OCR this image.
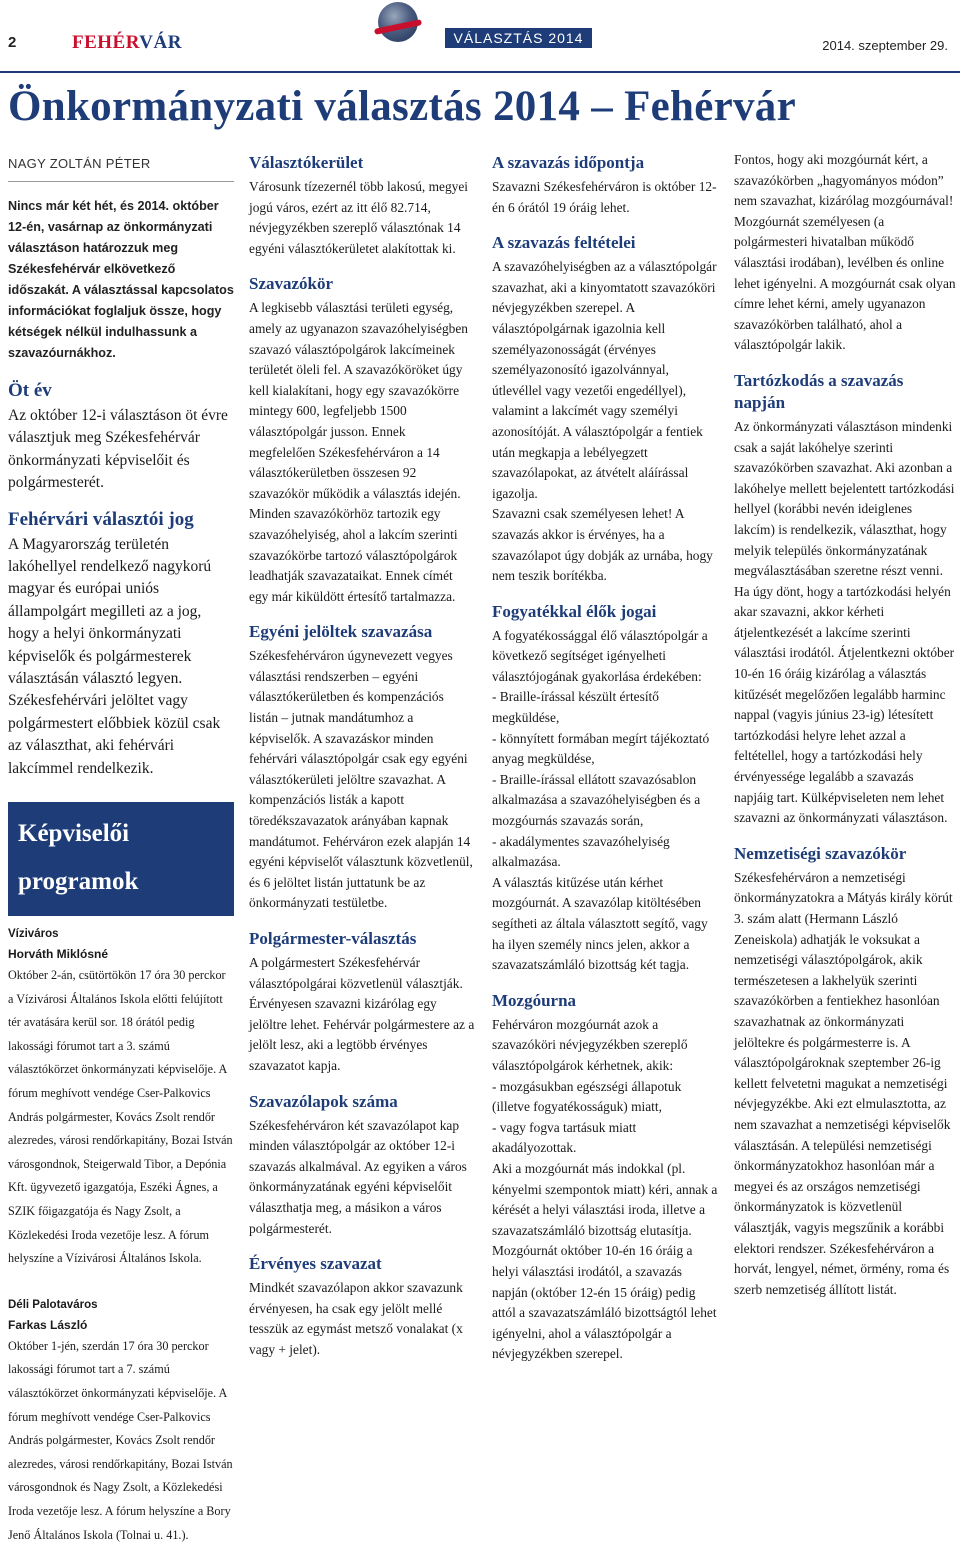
2	FEHÉRVÁR	VÁLASZTÁS 2014	2014. szeptember 29.
Önkormányzati választás 2014 – Fehérvár
NAGY ZOLTÁN PÉTER

Nincs már két hét, és 2014. október 12-én, vasárnap az önkormányzati választáson határozzuk meg Székesfehérvár elkövetkező időszakát. A választással kapcsolatos információkat foglaljuk össze, hogy kétségek nélkül indulhassunk a szavazóurnákhoz.

Öt év

Az október 12-i választáson öt évre választjuk meg Székesfehérvár önkormányzati képviselőit és polgármesterét.

Fehérvári választói jog

A Magyarország területén lakóhellyel rendelkező nagykorú magyar és európai uniós állampolgárt megilleti az a jog, hogy a helyi önkormányzati képviselők és polgármesterek választásán választó legyen. Székesfehérvári jelöltet vagy polgármestert előbbiek közül csak az választhat, aki fehérvári lakcímmel rendelkezik.

Képviselői programok
Víziváros
Horváth Miklósné

Október 2-án, csütörtökön 17 óra 30 perckor a Vízivárosi Általános Iskola előtti felújított tér avatására kerül sor. 18 órától pedig lakossági fórumot tart a 3. számú választókörzet önkormányzati képviselője. A fórum meghívott vendége Cser-Palkovics András polgármester, Kovács Zsolt rendőr alezredes, városi rendőrkapitány, Bozai István városgondnok, Steigerwald Tibor, a Depónia Kft. ügyvezető igazgatója, Eszéki Ágnes, a SZIK főigazgatója és Nagy Zsolt, a Közlekedési Iroda vezetője lesz. A fórum helyszíne a Vízivárosi Általános Iskola.

Déli Palotaváros
Farkas László

Október 1-jén, szerdán 17 óra 30 perckor lakossági fórumot tart a 7. számú választókörzet önkormányzati képviselője. A fórum meghívott vendége Cser-Palkovics András polgármester, Kovács Zsolt rendőr alezredes, városi rendőrkapitány, Bozai István városgondnok és Nagy Zsolt, a Közlekedési Iroda vezetője lesz. A fórum helyszíne a Bory Jenő Általános Iskola (Tolnai u. 41.).

Választókerület

Városunk tízezernél több lakosú, megyei jogú város, ezért az itt élő 82.714, névjegyzékben szereplő választónak 14 egyéni választókerületet alakítottak ki.

Szavazókör

A legkisebb választási területi egység, amely az ugyanazon szavazóhelyiségben szavazó választópolgárok lakcímeinek területét öleli fel. A szavazóköröket úgy kell kialakítani, hogy egy szavazókörre mintegy 600, legfeljebb 1500 választópolgár jusson. Ennek megfelelően Székesfehérváron a 14 választókerületben összesen 92 szavazókör működik a választás idején. Minden szavazókörhöz tartozik egy szavazóhelyiség, ahol a lakcím szerinti szavazókörbe tartozó választópolgárok leadhatják szavazataikat. Ennek címét egy már kiküldött értesítő tartalmazza.

Egyéni jelöltek szavazása

Székesfehérváron úgynevezett vegyes választási rendszerben – egyéni választókerületben és kompenzációs listán – jutnak mandátumhoz a képviselők. A szavazáskor minden fehérvári választópolgár csak egy egyéni választókerületi jelöltre szavazhat. A kompenzációs listák a kapott töredékszavazatok arányában kapnak mandátumot. Fehérváron ezek alapján 14 egyéni képviselőt választunk közvetlenül, és 6 jelöltet listán juttatunk be az önkormányzati testületbe.

Polgármester-választás

A polgármestert Székesfehérvár választópolgárai közvetlenül választják. Érvényesen szavazni kizárólag egy jelöltre lehet. Fehérvár polgármestere az a jelölt lesz, aki a legtöbb érvényes szavazatot kapja.

Szavazólapok száma

Székesfehérváron két szavazólapot kap minden választópolgár az október 12-i szavazás alkalmával. Az egyiken a város önkormányzatának egyéni képviselőit választhatja meg, a másikon a város polgármesterét.

Érvényes szavazat

Mindkét szavazólapon akkor szavazunk érvényesen, ha csak egy jelölt mellé tesszük az egymást metsző vonalakat (x vagy + jelet).

A szavazás időpontja

Szavazni Székesfehérváron is október 12-én 6 órától 19 óráig lehet.

A szavazás feltételei

A szavazóhelyiségben az a választópolgár szavazhat, aki a kinyomtatott szavazóköri névjegyzékben szerepel. A választópolgárnak igazolnia kell személyazonosságát (érvényes személyazonosító igazolvánnyal, útlevéllel vagy vezetői engedéllyel), valamint a lakcímét vagy személyi azonosítóját. A választópolgár a fentiek után megkapja a lebélyegzett szavazólapokat, az átvételt aláírással igazolja.

Szavazni csak személyesen lehet! A szavazás akkor is érvényes, ha a szavazólapot úgy dobják az urnába, hogy nem teszik borítékba.

Fogyatékkal élők jogai

A fogyatékossággal élő választópolgár a következő segítséget igényelheti választójogának gyakorlása érdekében:

- Braille-írással készült értesítő megküldése,

- könnyített formában megírt tájékoztató anyag megküldése,

- Braille-írással ellátott szavazósablon alkalmazása a szavazóhelyiségben és a mozgóurnás szavazás során,

- akadálymentes szavazóhelyiség alkalmazása.

A választás kitűzése után kérhet mozgóurnát. A szavazólap kitöltésében segítheti az általa választott segítő, vagy ha ilyen személy nincs jelen, akkor a szavazatszámláló bizottság két tagja.

Mozgóurna

Fehérváron mozgóurnát azok a szavazóköri névjegyzékben szereplő választópolgárok kérhetnek, akik:

- mozgásukban egészségi állapotuk (illetve fogyatékosságuk) miatt,

- vagy fogva tartásuk miatt akadályozottak.

Aki a mozgóurnát más indokkal (pl. kényelmi szempontok miatt) kéri, annak a kérését a helyi választási iroda, illetve a szavazatszámláló bizottság elutasítja. Mozgóurnát október 10-én 16 óráig a helyi választási irodától, a szavazás napján (október 12-én 15 óráig) pedig attól a szavazatszámláló bizottságtól lehet igényelni, ahol a választópolgár a névjegyzékben szerepel.

Fontos, hogy aki mozgóurnát kért, a szavazókörben „hagyományos módon” nem szavazhat, kizárólag mozgóurnával! Mozgóurnát személyesen (a polgármesteri hivatalban működő választási irodában), levélben és online lehet igényelni. A mozgóurnát csak olyan címre lehet kérni, amely ugyanazon szavazókörben található, ahol a választópolgár lakik.

Tartózkodás a szavazás napján

Az önkormányzati választáson mindenki csak a saját lakóhelye szerinti szavazókörben szavazhat. Aki azonban a lakóhelye mellett bejelentett tartózkodási hellyel (korábbi nevén ideiglenes lakcím) is rendelkezik, választhat, hogy melyik település önkormányzatának megválasztásában szeretne részt venni. Ha úgy dönt, hogy a tartózkodási helyén akar szavazni, akkor kérheti átjelentkezését a lakcíme szerinti választási irodától. Átjelentkezni október 10-én 16 óráig kizárólag a választás kitűzését megelőzően legalább harminc nappal (vagyis június 23-ig) létesített tartózkodási helyre lehet azzal a feltétellel, hogy a tartózkodási hely érvényessége legalább a szavazás napjáig tart. Külképviseleten nem lehet szavazni az önkormányzati választáson.

Nemzetiségi szavazókör

Székesfehérváron a nemzetiségi önkormányzatokra a Mátyás király körút 3. szám alatt (Hermann László Zeneiskola) adhatják le voksukat a nemzetiségi választópolgárok, akik természetesen a lakhelyük szerinti szavazókörben a fentiekhez hasonlóan szavazhatnak az önkormányzati jelöltekre és polgármesterre is. A választópolgároknak szeptember 26-ig kellett felvetetni magukat a nemzetiségi névjegyzékbe. Aki ezt elmulasztotta, az nem szavazhat a nemzetiségi képviselők választásán. A települési nemzetiségi önkormányzatokhoz hasonlóan már a megyei és az országos nemzetiségi önkormányzatok is közvetlenül választják, vagyis megszűnik a korábbi elektori rendszer. Székesfehérváron a horvát, lengyel, német, örmény, roma és szerb nemzetiség állított listát.
